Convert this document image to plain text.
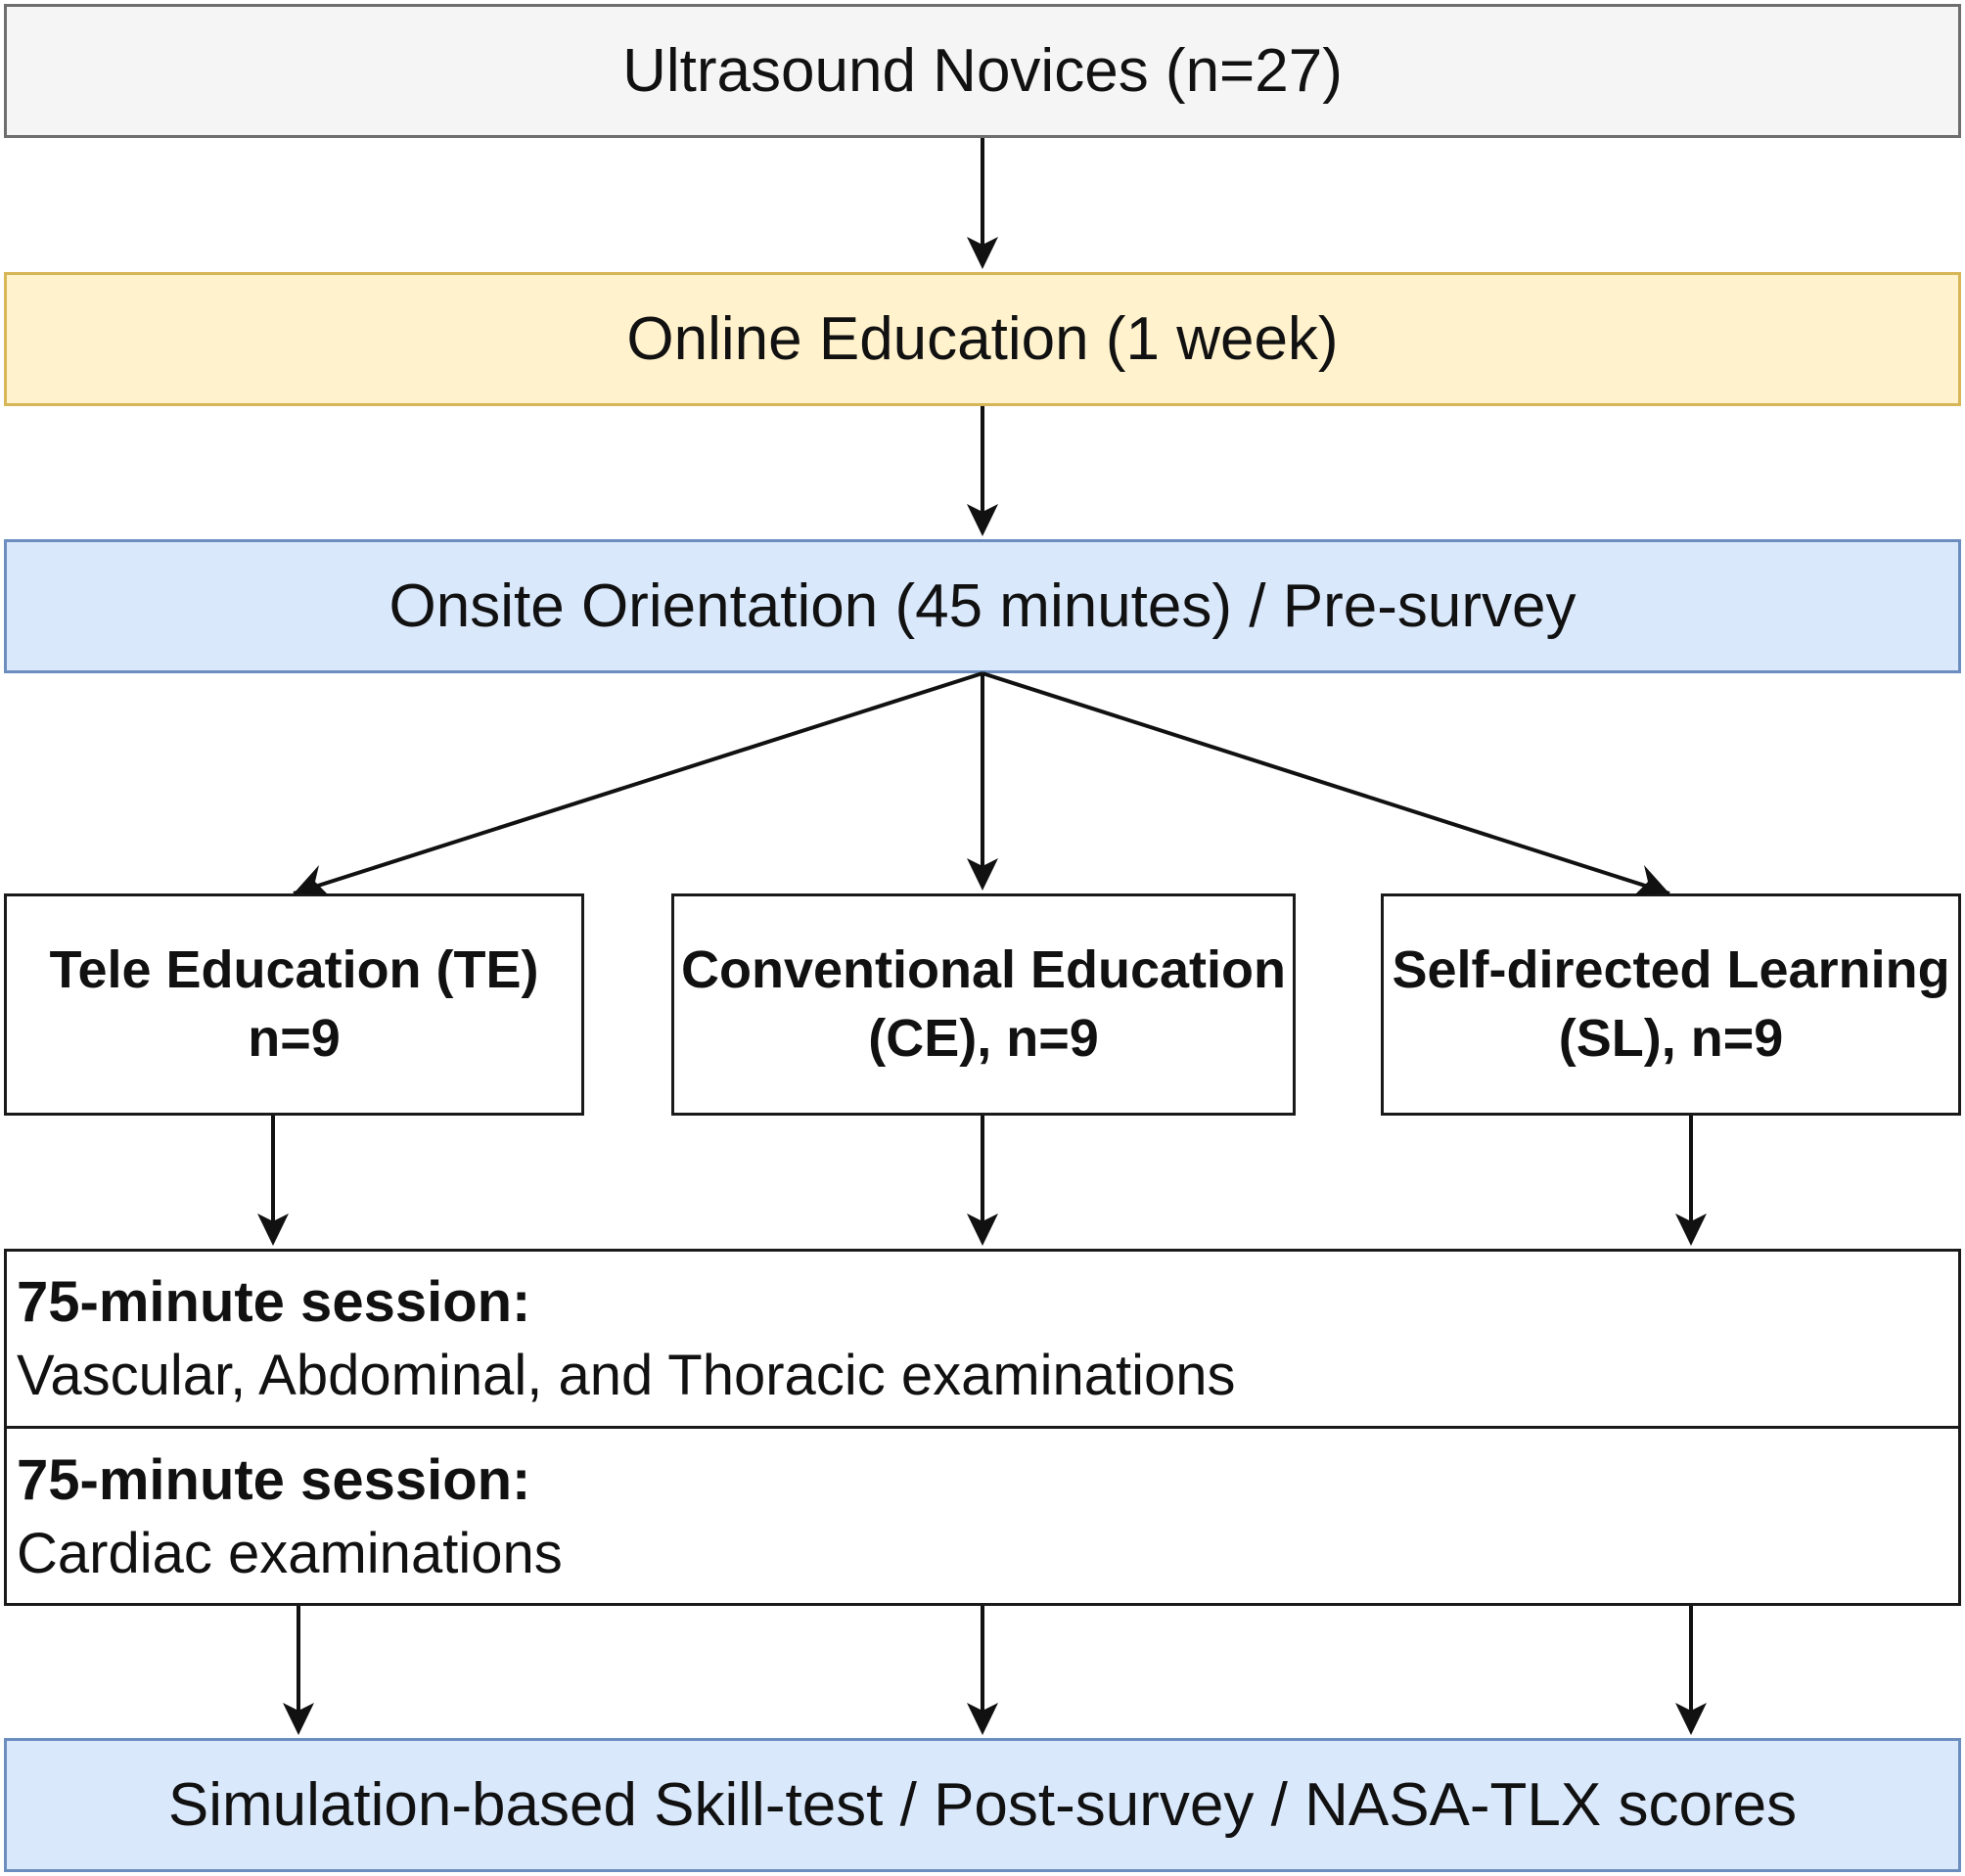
Ultrasound Novices (n=27)
Online Education (1 week)
Onsite Orientation (45 minutes) / Pre-survey
Tele Education (TE)
n=9
Conventional Education
(CE), n=9
Self-directed Learning
(SL), n=9
75-minute session:
Vascular, Abdominal, and Thoracic examinations
75-minute session:
Cardiac examinations
Simulation-based Skill-test / Post-survey / NASA-TLX scores
